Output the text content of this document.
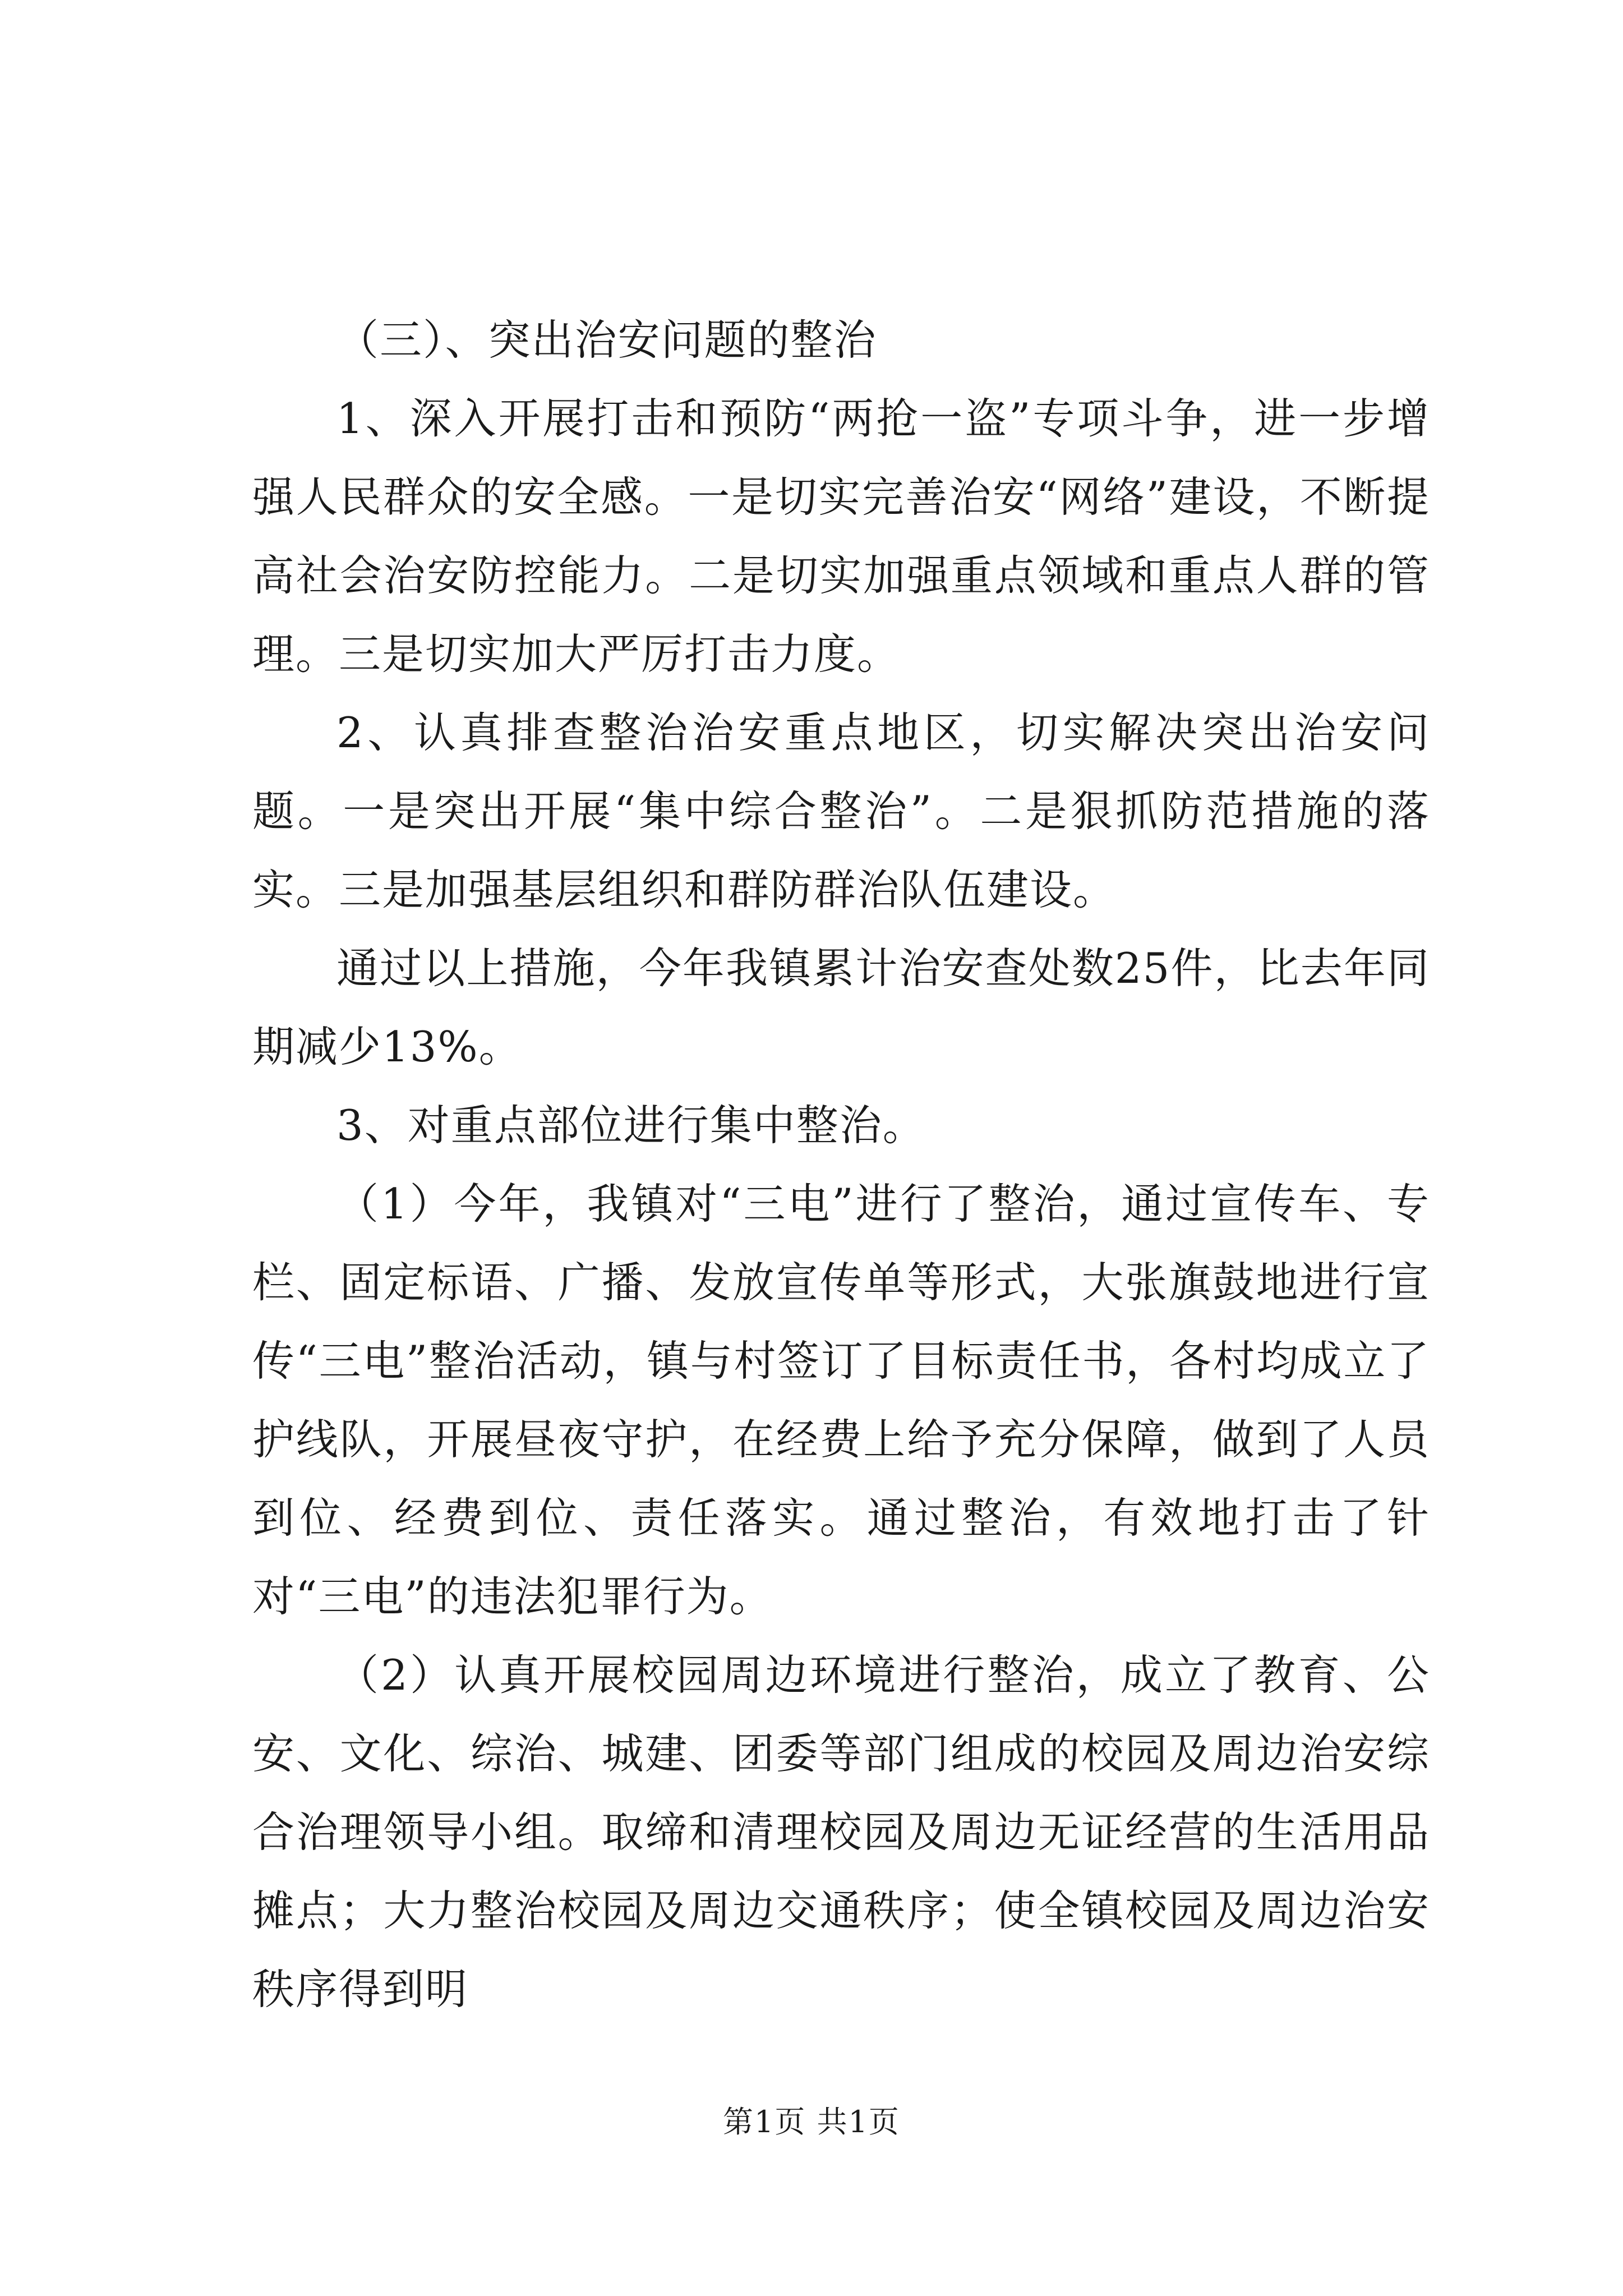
（三）、突出治安问题的整治

1、深入开展打击和预防“两抢一盗”专项斗争，进一步增强人民群众的安全感。一是切实完善治安“网络”建设，不断提高社会治安防控能力。二是切实加强重点领域和重点人群的管理。三是切实加大严厉打击力度。

2、认真排查整治治安重点地区，切实解决突出治安问题。一是突出开展“集中综合整治”。二是狠抓防范措施的落实。三是加强基层组织和群防群治队伍建设。

通过以上措施，今年我镇累计治安查处数25件，比去年同期减少13%。

3、对重点部位进行集中整治。

（1）今年，我镇对“三电”进行了整治，通过宣传车、专栏、固定标语、广播、发放宣传单等形式，大张旗鼓地进行宣传“三电”整治活动，镇与村签订了目标责任书，各村均成立了护线队，开展昼夜守护，在经费上给予充分保障，做到了人员到位、经费到位、责任落实。通过整治，有效地打击了针对“三电”的违法犯罪行为。

（2）认真开展校园周边环境进行整治，成立了教育、公安、文化、综治、城建、团委等部门组成的校园及周边治安综合治理领导小组。取缔和清理校园及周边无证经营的生活用品摊点；大力整治校园及周边交通秩序；使全镇校园及周边治安秩序得到明

第1页 共1页
